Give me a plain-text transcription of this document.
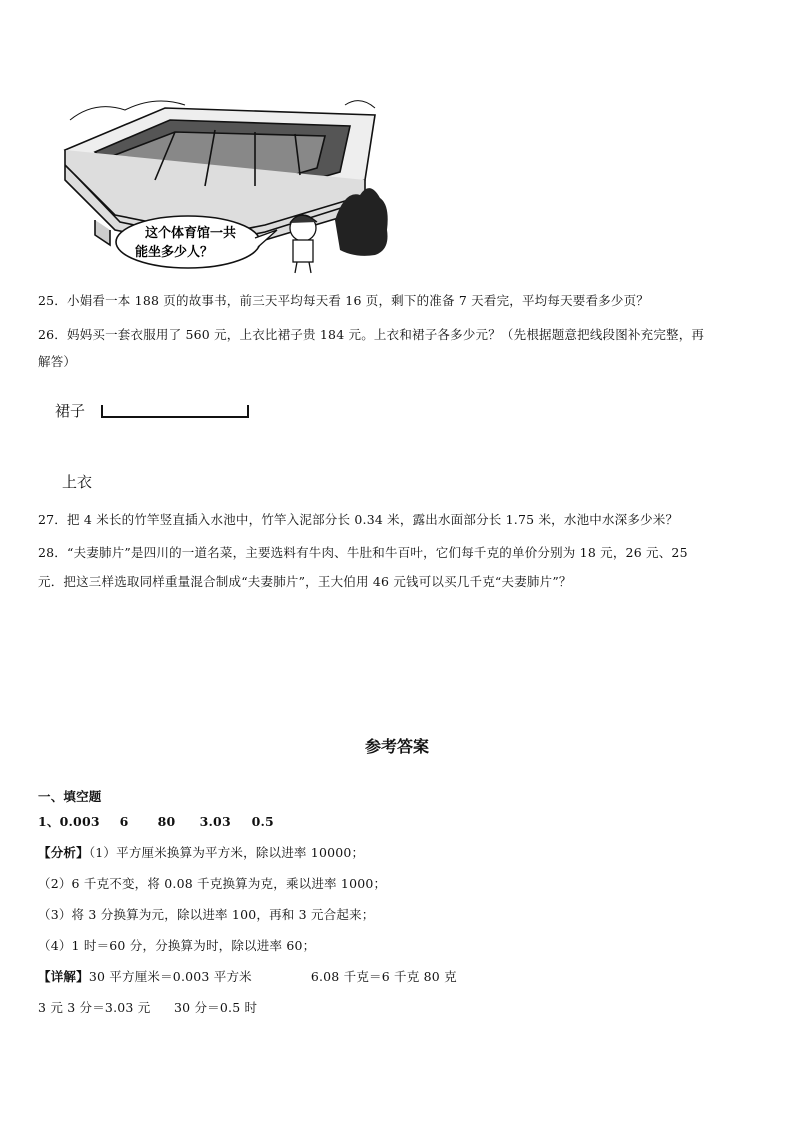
这个体育馆一共
能坐多少人？
25．小娟看一本 188 页的故事书，前三天平均每天看 16 页，剩下的准备 7 天看完，平均每天要看多少页？
26．妈妈买一套衣服用了 560 元，上衣比裙子贵 184 元。上衣和裙子各多少元？（先根据题意把线段图补充完整，再
解答）
裙子
上衣
27．把 4 米长的竹竿竖直插入水池中，竹竿入泥部分长 0.34 米，露出水面部分长 1.75 米，水池中水深多少米？
28．“夫妻肺片”是四川的一道名菜，主要选料有牛肉、牛肚和牛百叶，它们每千克的单价分别为 18 元，26 元、25
元．把这三样选取同样重量混合制成“夫妻肺片”，王大伯用 46 元钱可以买几千克“夫妻肺片”？
参考答案
一、填空题
1、0.003 6 80 3.03 0.5
【分析】（1）平方厘米换算为平方米，除以进率 10000；
（2）6 千克不变，将 0.08 千克换算为克，乘以进率 1000；
（3）将 3 分换算为元，除以进率 100，再和 3 元合起来；
（4）1 时＝60 分，分换算为时，除以进率 60；
【详解】30 平方厘米＝0.003 平方米	6.08 千克＝6 千克 80 克
3 元 3 分＝3.03 元 30 分＝0.5 时
